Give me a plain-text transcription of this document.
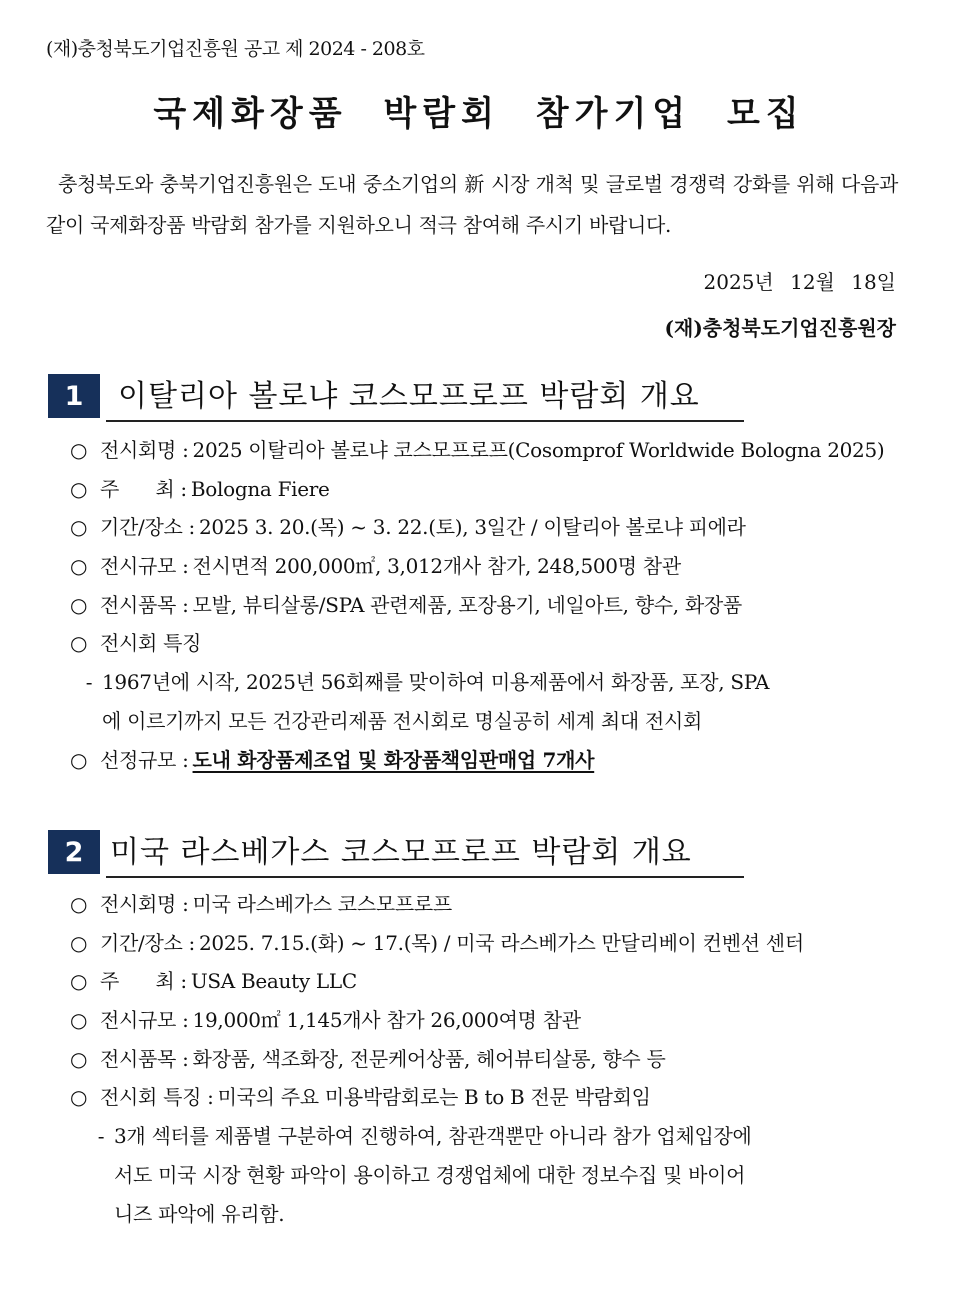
(재)충청북도기업진흥원 공고 제 2024 - 208호
국제화장품 박람회 참가기업 모집
충청북도와 충북기업진흥원은 도내 중소기업의 新 시장 개척 및 글로벌 경쟁력 강화를 위해 다음과 같이 국제화장품 박람회 참가를 지원하오니 적극 참여해 주시기 바랍니다.
2025년 12월 18일
(재)충청북도기업진흥원장
1	이탈리아 볼로냐 코스모프로프 박람회 개요
○ 전시회명 : 2025 이탈리아 볼로냐 코스모프로프(Cosomprof Worldwide Bologna 2025)
○ 주      최 : Bologna Fiere
○ 기간/장소 : 2025 3. 20.(목) ~ 3. 22.(토), 3일간 / 이탈리아 볼로냐 피에라
○ 전시규모 : 전시면적 200,000㎡, 3,012개사 참가, 248,500명 참관
○ 전시품목 : 모발, 뷰티살롱/SPA 관련제품, 포장용기, 네일아트, 향수, 화장품
○ 전시회 특징
- 1967년에 시작, 2025년 56회째를 맞이하여 미용제품에서 화장품, 포장, SPA
에 이르기까지 모든 건강관리제품 전시회로 명실공히 세계 최대 전시회
○ 선정규모 : 도내 화장품제조업 및 화장품책임판매업 7개사
2 미국 라스베가스 코스모프로프 박람회 개요
○ 전시회명 : 미국 라스베가스 코스모프로프
○ 기간/장소 : 2025. 7.15.(화) ~ 17.(목) / 미국 라스베가스 만달리베이 컨벤션 센터
○ 주      최 : USA Beauty LLC
○ 전시규모 : 19,000㎡ 1,145개사 참가 26,000여명 참관
○ 전시품목 : 화장품, 색조화장, 전문케어상품, 헤어뷰티살롱, 향수 등
○ 전시회 특징 : 미국의 주요 미용박람회로는 B to B 전문 박람회임
- 3개 섹터를 제품별 구분하여 진행하여, 참관객뿐만 아니라 참가 업체입장에
서도 미국 시장 현황 파악이 용이하고 경쟁업체에 대한 정보수집 및 바이어
니즈 파악에 유리함.
